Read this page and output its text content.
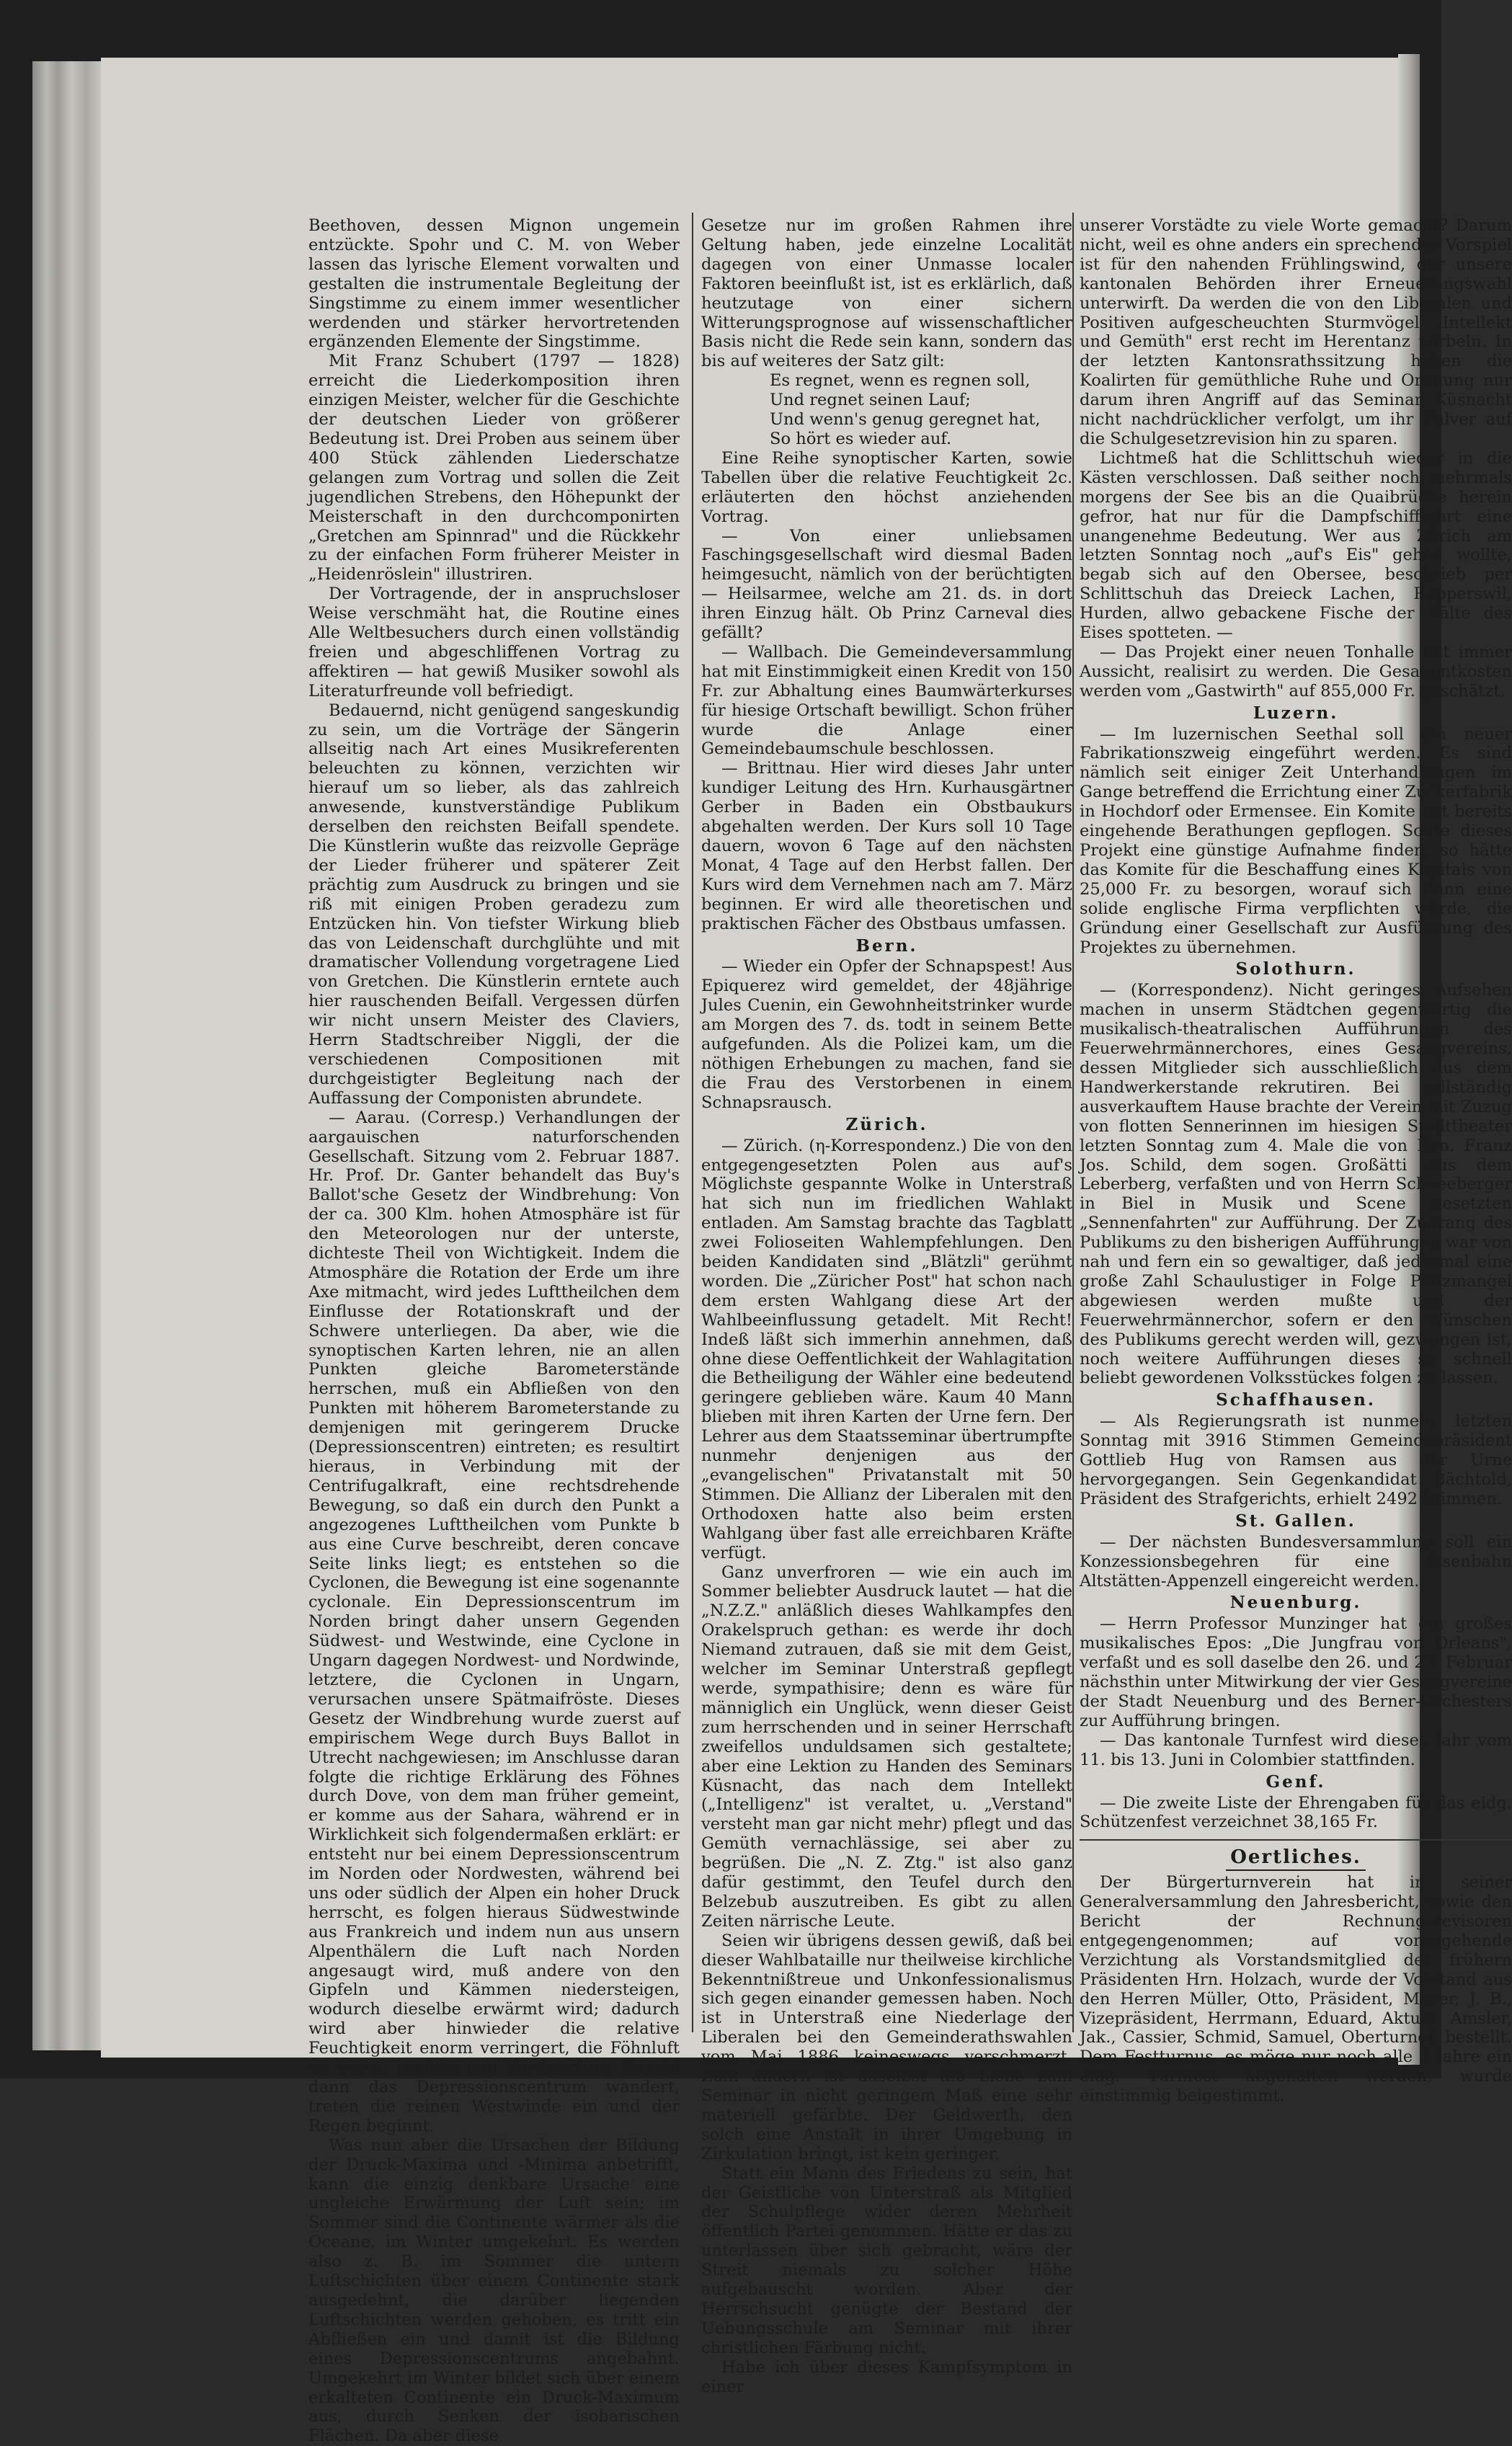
Beethoven, dessen Mignon ungemein entzückte. Spohr und C. M. von Weber lassen das lyrische Element vorwalten und gestalten die instrumentale Begleitung der Singstimme zu einem immer wesentlicher werdenden und stärker hervortretenden ergänzenden Elemente der Singstimme.

Mit Franz Schubert (1797 — 1828) erreicht die Liederkomposition ihren einzigen Meister, welcher für die Geschichte der deutschen Lieder von größerer Bedeutung ist. Drei Proben aus seinem über 400 Stück zählenden Liederschatze gelangen zum Vortrag und sollen die Zeit jugendlichen Strebens, den Höhepunkt der Meisterschaft in den durchcomponirten „Gretchen am Spinnrad" und die Rückkehr zu der einfachen Form früherer Meister in „Heidenröslein" illustriren.

Der Vortragende, der in anspruchsloser Weise verschmäht hat, die Routine eines Alle Weltbesuchers durch einen vollständig freien und abgeschliffenen Vortrag zu affektiren — hat gewiß Musiker sowohl als Literaturfreunde voll befriedigt.

Bedauernd, nicht genügend sangeskundig zu sein, um die Vorträge der Sängerin allseitig nach Art eines Musikreferenten beleuchten zu können, verzichten wir hierauf um so lieber, als das zahlreich anwesende, kunstverständige Publikum derselben den reichsten Beifall spendete. Die Künstlerin wußte das reizvolle Gepräge der Lieder früherer und späterer Zeit prächtig zum Ausdruck zu bringen und sie riß mit einigen Proben geradezu zum Entzücken hin. Von tiefster Wirkung blieb das von Leidenschaft durchglühte und mit dramatischer Vollendung vorgetragene Lied von Gretchen. Die Künstlerin erntete auch hier rauschenden Beifall. Vergessen dürfen wir nicht unsern Meister des Claviers, Herrn Stadtschreiber Niggli, der die verschiedenen Compositionen mit durchgeistigter Begleitung nach der Auffassung der Componisten abrundete.

— Aarau. (Corresp.) Verhandlungen der aargauischen naturforschenden Gesellschaft. Sitzung vom 2. Februar 1887. Hr. Prof. Dr. Ganter behandelt das Buy's Ballot'sche Gesetz der Windbrehung: Von der ca. 300 Klm. hohen Atmosphäre ist für den Meteorologen nur der unterste, dichteste Theil von Wichtigkeit. Indem die Atmosphäre die Rotation der Erde um ihre Axe mitmacht, wird jedes Lufttheilchen dem Einflusse der Rotationskraft und der Schwere unterliegen. Da aber, wie die synoptischen Karten lehren, nie an allen Punkten gleiche Barometerstände herrschen, muß ein Abfließen von den Punkten mit höherem Barometerstande zu demjenigen mit geringerem Drucke (Depressionscentren) eintreten; es resultirt hieraus, in Verbindung mit der Centrifugalkraft, eine rechtsdrehende Bewegung, so daß ein durch den Punkt a angezogenes Lufttheilchen vom Punkte b aus eine Curve beschreibt, deren concave Seite links liegt; es entstehen so die Cyclonen, die Bewegung ist eine sogenannte cyclonale. Ein Depressionscentrum im Norden bringt daher unsern Gegenden Südwest- und Westwinde, eine Cyclone in Ungarn dagegen Nordwest- und Nordwinde, letztere, die Cyclonen in Ungarn, verursachen unsere Spätmaifröste. Dieses Gesetz der Windbrehung wurde zuerst auf empirischem Wege durch Buys Ballot in Utrecht nachgewiesen; im Anschlusse daran folgte die richtige Erklärung des Föhnes durch Dove, von dem man früher gemeint, er komme aus der Sahara, während er in Wirklichkeit sich folgendermaßen erklärt: er entsteht nur bei einem Depressionscentrum im Norden oder Nordwesten, während bei uns oder südlich der Alpen ein hoher Druck herrscht, es folgen hieraus Südwestwinde aus Frankreich und indem nun aus unsern Alpenthälern die Luft nach Norden angesaugt wird, muß andere von den Gipfeln und Kämmen niedersteigen, wodurch dieselbe erwärmt wird; dadurch wird aber hinwieder die relative Feuchtigkeit enorm verringert, die Föhnluft ist warm, trocken und durchsichtig. Sobald dann das Depressionscentrum wandert, treten die reinen Westwinde ein und der Regen beginnt.

Was nun aber die Ursachen der Bildung der Druck-Maxima und -Minima anbetrifft, kann die einzig denkbare Ursache eine ungleiche Erwärmung der Luft sein; im Sommer sind die Continente wärmer als die Oceane, im Winter umgekehrt. Es werden also z. B. im Sommer die untern Luftschichten über einem Continente stark ausgedehnt, die darüber liegenden Luftschichten werden gehoben, es tritt ein Abfließen ein und damit ist die Bildung eines Depressionscentrums angebahnt. Umgekehrt im Winter bildet sich über einem erkalteten Continente ein Druck-Maximum aus, durch Senken der isobarischen Flächen. Da aber diese

Gesetze nur im großen Rahmen ihre Geltung haben, jede einzelne Localität dagegen von einer Unmasse localer Faktoren beeinflußt ist, ist es erklärlich, daß heutzutage von einer sichern Witterungsprognose auf wissenschaftlicher Basis nicht die Rede sein kann, sondern das bis auf weiteres der Satz gilt:

Es regnet, wenn es regnen soll,

Und regnet seinen Lauf;

Und wenn's genug geregnet hat,

So hört es wieder auf.

Eine Reihe synoptischer Karten, sowie Tabellen über die relative Feuchtigkeit 2c. erläuterten den höchst anziehenden Vortrag.

— Von einer unliebsamen Faschingsgesellschaft wird diesmal Baden heimgesucht, nämlich von der berüchtigten — Heilsarmee, welche am 21. ds. in dort ihren Einzug hält. Ob Prinz Carneval dies gefällt?

— Wallbach. Die Gemeindeversammlung hat mit Einstimmigkeit einen Kredit von 150 Fr. zur Abhaltung eines Baumwärterkurses für hiesige Ortschaft bewilligt. Schon früher wurde die Anlage einer Gemeindebaumschule beschlossen.

— Brittnau. Hier wird dieses Jahr unter kundiger Leitung des Hrn. Kurhausgärtner Gerber in Baden ein Obstbaukurs abgehalten werden. Der Kurs soll 10 Tage dauern, wovon 6 Tage auf den nächsten Monat, 4 Tage auf den Herbst fallen. Der Kurs wird dem Vernehmen nach am 7. März beginnen. Er wird alle theoretischen und praktischen Fächer des Obstbaus umfassen.

Bern.

— Wieder ein Opfer der Schnapspest! Aus Epiquerez wird gemeldet, der 48jährige Jules Cuenin, ein Gewohnheitstrinker wurde am Morgen des 7. ds. todt in seinem Bette aufgefunden. Als die Polizei kam, um die nöthigen Erhebungen zu machen, fand sie die Frau des Verstorbenen in einem Schnapsrausch.

Zürich.

— Zürich. (η-Korrespondenz.) Die von den entgegengesetzten Polen aus auf's Möglichste gespannte Wolke in Unterstraß hat sich nun im friedlichen Wahlakt entladen. Am Samstag brachte das Tagblatt zwei Folioseiten Wahlempfehlungen. Den beiden Kandidaten sind „Blätzli" gerühmt worden. Die „Züricher Post" hat schon nach dem ersten Wahlgang diese Art der Wahlbeeinflussung getadelt. Mit Recht! Indeß läßt sich immerhin annehmen, daß ohne diese Oeffentlichkeit der Wahlagitation die Betheiligung der Wähler eine bedeutend geringere geblieben wäre. Kaum 40 Mann blieben mit ihren Karten der Urne fern. Der Lehrer aus dem Staatsseminar übertrumpfte nunmehr denjenigen aus der „evangelischen" Privatanstalt mit 50 Stimmen. Die Allianz der Liberalen mit den Orthodoxen hatte also beim ersten Wahlgang über fast alle erreichbaren Kräfte verfügt.

Ganz unverfroren — wie ein auch im Sommer beliebter Ausdruck lautet — hat die „N.Z.Z." anläßlich dieses Wahlkampfes den Orakelspruch gethan: es werde ihr doch Niemand zutrauen, daß sie mit dem Geist, welcher im Seminar Unterstraß gepflegt werde, sympathisire; denn es wäre für männiglich ein Unglück, wenn dieser Geist zum herrschenden und in seiner Herrschaft zweifellos unduldsamen sich gestaltete; aber eine Lektion zu Handen des Seminars Küsnacht, das nach dem Intellekt („Intelligenz" ist veraltet, u. „Verstand" versteht man gar nicht mehr) pflegt und das Gemüth vernachlässige, sei aber zu begrüßen. Die „N. Z. Ztg." ist also ganz dafür gestimmt, den Teufel durch den Belzebub auszutreiben. Es gibt zu allen Zeiten närrische Leute.

Seien wir übrigens dessen gewiß, daß bei dieser Wahlbataille nur theilweise kirchliche Bekenntnißtreue und Unkonfessionalismus sich gegen einander gemessen haben. Noch ist in Unterstraß eine Niederlage der Liberalen bei den Gemeinderathswahlen vom Mai 1886 keineswegs verschmerzt. Zum andern ist daselbst die Liebe zum Seminar in nicht geringem Maß eine sehr materiell gefärbte. Der Geldwerth, den solch eine Anstalt in ihrer Umgebung in Zirkulation bringt, ist kein geringer.

Statt ein Mann des Friedens zu sein, hat der Geistliche von Unterstraß als Mitglied der Schulpflege wider deren Mehrheit öffentlich Partei genommen. Hätte er das zu unterlassen über sich gebracht, wäre der Streit niemals zu solcher Höhe aufgebauscht worden. Aber der Herrschsucht genügte der Bestand der Uebungsschule am Seminar mit ihrer christlichen Färbung nicht.

Habe ich über dieses Kampfsymptom in einer

unserer Vorstädte zu viele Worte gemacht? Darum nicht, weil es ohne anders ein sprechendes Vorspiel ist für den nahenden Frühlingswind, der unsere kantonalen Behörden ihrer Erneuerungswahl unterwirft. Da werden die von den Liberalen und Positiven aufgescheuchten Sturmvögel „Intellekt und Gemüth" erst recht im Herentanz wirbeln. In der letzten Kantonsrathssitzung haben die Koalirten für gemüthliche Ruhe und Ordnung nur darum ihren Angriff auf das Seminar Küsnacht nicht nachdrücklicher verfolgt, um ihr Pulver auf die Schulgesetzrevision hin zu sparen.

Lichtmeß hat die Schlittschuh wieder in die Kästen verschlossen. Daß seither noch mehrmals morgens der See bis an die Quaibrücke herein gefror, hat nur für die Dampfschifffahrt eine unangenehme Bedeutung. Wer aus Zürich am letzten Sonntag noch „auf's Eis" gehen wollte, begab sich auf den Obersee, beschrieb per Schlittschuh das Dreieck Lachen, Rapperswil, Hurden, allwo gebackene Fische der Kälte des Eises spotteten. —

— Das Projekt einer neuen Tonhalle hat immer Aussicht, realisirt zu werden. Die Gesammtkosten werden vom „Gastwirth" auf 855,000 Fr. geschätzt.

Luzern.

— Im luzernischen Seethal soll ein neuer Fabrikationszweig eingeführt werden. Es sind nämlich seit einiger Zeit Unterhandlungen im Gange betreffend die Errichtung einer Zuckerfabrik in Hochdorf oder Ermensee. Ein Komite hat bereits eingehende Berathungen gepflogen. Sollte dieses Projekt eine günstige Aufnahme finden, so hätte das Komite für die Beschaffung eines Kapitals von 25,000 Fr. zu besorgen, worauf sich dann eine solide englische Firma verpflichten würde, die Gründung einer Gesellschaft zur Ausführung des Projektes zu übernehmen.

Solothurn.

— (Korrespondenz). Nicht geringes Aufsehen machen in unserm Städtchen gegenwärtig die musikalisch-theatralischen Aufführungen des Feuerwehrmännerchores, eines Gesangvereins, dessen Mitglieder sich ausschließlich aus dem Handwerkerstande rekrutiren. Bei vollständig ausverkauftem Hause brachte der Verein mit Zuzug von flotten Sennerinnen im hiesigen Stadttheater letzten Sonntag zum 4. Male die von Hrn. Franz Jos. Schild, dem sogen. Großätti aus dem Leberberg, verfaßten und von Herrn Schneeberger in Biel in Musik und Scene gesetzten „Sennenfahrten" zur Aufführung. Der Zudrang des Publikums zu den bisherigen Aufführungen war von nah und fern ein so gewaltiger, daß jedesmal eine große Zahl Schaulustiger in Folge Platzmangel abgewiesen werden mußte und der Feuerwehrmännerchor, sofern er den Wünschen des Publikums gerecht werden will, gezwungen ist, noch weitere Aufführungen dieses so schnell beliebt gewordenen Volksstückes folgen zu lassen.

Schaffhausen.

— Als Regierungsrath ist nunmehr letzten Sonntag mit 3916 Stimmen Gemeindepräsident Gottlieb Hug von Ramsen aus der Urne hervorgegangen. Sein Gegenkandidat Bächtold, Präsident des Strafgerichts, erhielt 2492 Stimmen.

St. Gallen.

— Der nächsten Bundesversammlung soll ein Konzessionsbegehren für eine Eisenbahn Altstätten-Appenzell eingereicht werden.

Neuenburg.

— Herrn Professor Munzinger hat ein großes musikalisches Epos: „Die Jungfrau von Orleans", verfaßt und es soll daselbe den 26. und 27. Februar nächsthin unter Mitwirkung der vier Gesangvereine der Stadt Neuenburg und des Berner-Orchesters zur Aufführung bringen.

— Das kantonale Turnfest wird dieses Jahr vom 11. bis 13. Juni in Colombier stattfinden.

Genf.

— Die zweite Liste der Ehrengaben für das eidg. Schützenfest verzeichnet 38,165 Fr.

Oertliches.

Der Bürgerturnverein hat in seiner Generalversammlung den Jahresbericht, sowie den Bericht der Rechnungsrevisoren entgegengenommen; auf vorangehende Verzichtung als Vorstandsmitglied des frühern Präsidenten Hrn. Holzach, wurde der Vorstand aus den Herren Müller, Otto, Präsident, Meyer, J. B., Vizepräsident, Herrmann, Eduard, Aktuar, Amsler, Jak., Cassier, Schmid, Samuel, Oberturner, bestellt. Dem Festturnus, es möge nur noch alle 3 Jahre ein eidg. Turnfest abgehalten werden, wurde einstimmig beigestimmt.
